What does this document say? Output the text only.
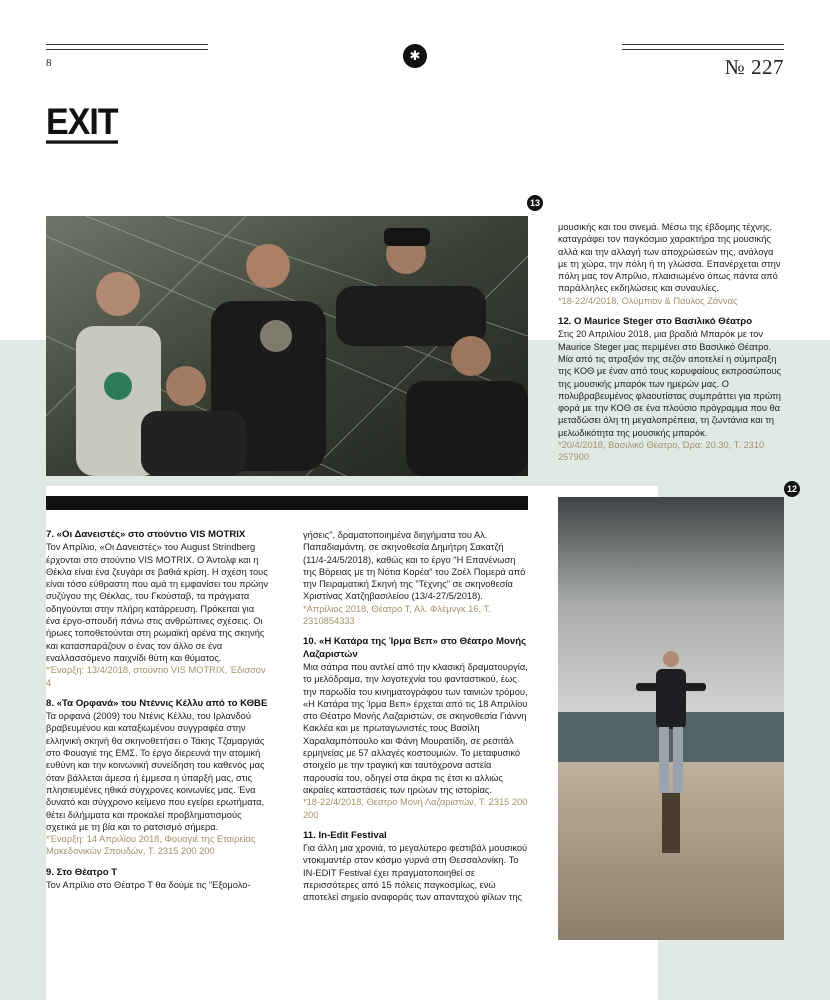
8	✱	№ 227
EXIT
13
12
7. «Οι Δανειστές» στο στούντιο VIS MOTRIX

Τον Απρίλιο, «Οι Δανειστές» του August Strindberg έρχονται στο στούντιο VIS MOTRIX. Ο Άντολφ και η Θέκλα είναι ένα ζευγάρι σε βαθιά κρίση. Η σχέση τους είναι τόσο εύθραστη που αμά τη εμφανίσει του πρώην συζύγου της Θέκλας, του Γκούσταβ, τα πράγματα οδηγούνται στην πλήρη κατάρρευση. Πρόκειται για ένα έργο-σπουδή πάνω στις ανθρώπινες σχέσεις. Οι ήρωες τοποθετούνται στη ρωμαϊκή αρένα της σκηνής και κατασπαράζουν ο ένας τον άλλο σε ένα εναλλασσόμενο παιχνίδι θύτη και θύματος.

*Έναρξη: 13/4/2018, στούντιο VIS MOTRIX, Έδισσον 4

8. «Τα Ορφανά» του Ντέννις Κέλλυ από το ΚΘΒΕ

Τα ορφανά (2009) του Ντένις Κέλλυ, του Ιρλανδού βραβευμένου και καταξιωμένου συγγραφέα στην ελληνική σκηνή θα σκηνοθετήσει ο Τάκης Τζαμαργιάς στο Φουαγιέ της ΕΜΣ. Το έργο διερευνά την ατομική ευθύνη και την κοινωνική συνείδηση του καθενός μας όταν βάλλεται άμεσα ή έμμεσα η ύπαρξή μας, στις πλησιευμένες ηθικά σύγχρονες κοινωνίες μας. Ένα δυνατό και σύγχρονο κείμενο που εγείρει ερωτήματα, θέτει διλήμματα και προκαλεί προβληματισμούς σχετικά με τη βία και το ρατσισμό σήμερα.

*Έναρξη: 14 Απριλίου 2018, Φουαγιέ της Εταιρείας Μακεδονικών Σπουδών, Τ. 2315 200 200

9. Στο Θέατρο Τ

Τον Απρίλιο στο Θέατρο Τ θα δούμε τις "Εξομολο-

γήσεις", δραματοποιημένα διηγήματα του Αλ. Παπαδιαμάντη, σε σκηνοθεσία Δημήτρη Σακατζή (11/4-24/5/2018), καθώς και το έργο "Η Επανένωση της Βόρειας με τη Νότια Κορέα" του Ζοέλ Πομερά από την Πειραματική Σκηνή της "Τέχνης" σε σκηνοθεσία Χριστίνας Χατζηβασιλείου (13/4-27/5/2018).

*Απρίλιος 2018, Θέατρο Τ, Αλ. Φλέμνγκ 16, Τ. 2310854333

10. «Η Κατάρα της Ίρμα Βεπ» στο Θέατρο Μονής Λαζαριστών

Μια σάτιρα που αντλεί από την κλασική δραματουργία, το μελόδραμα, την λογοτεχνία του φανταστικού, έως την παρωδία του κινηματογράφου των ταινιών τρόμου, «Η Κατάρα της Ίρμα Βεπ» έρχεται από τις 18 Απριλίου στο Θέατρο Μονής Λαζαριστών, σε σκηνοθεσία Γιάννη Κακλέα και με πρωταγωνιστές τους Βασίλη Χαραλαμπόπουλο και Φάνη Μουρατίδη, σε ρεσιτάλ ερμηνείας με 57 αλλαγές κοστουμιών. Το μεταφυσικό στοιχείο με την τραγική και ταυτόχρονα αστεία παρουσία του, οδηγεί στα άκρα τις έτσι κι αλλιώς ακραίες καταστάσεις των ηρώων της ιστορίας.

*18-22/4/2018, Θέατρο Μονή Λαζαριστών, Τ. 2315 200 200

11. In-Edit Festival

Για άλλη μια χρονιά, το μεγαλύτερο φεστιβάλ μουσικού ντοκιμαντέρ στον κόσμο γυρνά στη Θεσσαλονίκη. Το IN-EDIT Festival έχει πραγματοποιηθεί σε περισσότερες από 15 πόλεις παγκοσμίως, ενώ αποτελεί σημείο αναφοράς των απανταχού φίλων της

μουσικής και του σινεμά. Μέσω της έβδομης τέχνης, καταγράφει τον παγκόσμιο χαρακτήρα της μουσικής αλλά και την αλλαγή των αποχρώσεών της, ανάλογα με τη χώρα, την πόλη ή τη γλώσσα. Επανέρχεται στην πόλη μας τον Απρίλιο, πλαισιωμένο όπως πάντα από παράλληλες εκδηλώσεις και συναυλίες.

*18-22/4/2018, Ολύμπιον & Παύλος Ζάννας

12. Ο Maurice Steger στο Βασιλικό Θέατρο

Στις 20 Απριλίου 2018, μια βραδιά Μπαρόκ με τον Maurice Steger μας περιμένει στο Βασιλικό Θέατρο. Μία από τις ατραξιόν της σεζόν αποτελεί η σύμπραξη της ΚΟΘ με έναν από τους κορυφαίους εκπροσώπους της μουσικής μπαρόκ των ημερών μας. Ο πολυβραβευμένος φλαουτίστας συμπράττει για πρώτη φορά με την ΚΟΘ σε ένα πλούσιο πρόγραμμα που θα μεταδώσει όλη τη μεγαλοπρέπεια, τη ζωντάνια και τη μελωδικότητα της μουσικής μπαρόκ.

*20/4/2018, Βασιλικό Θέατρο, Ώρα: 20.30, Τ. 2310 257900
